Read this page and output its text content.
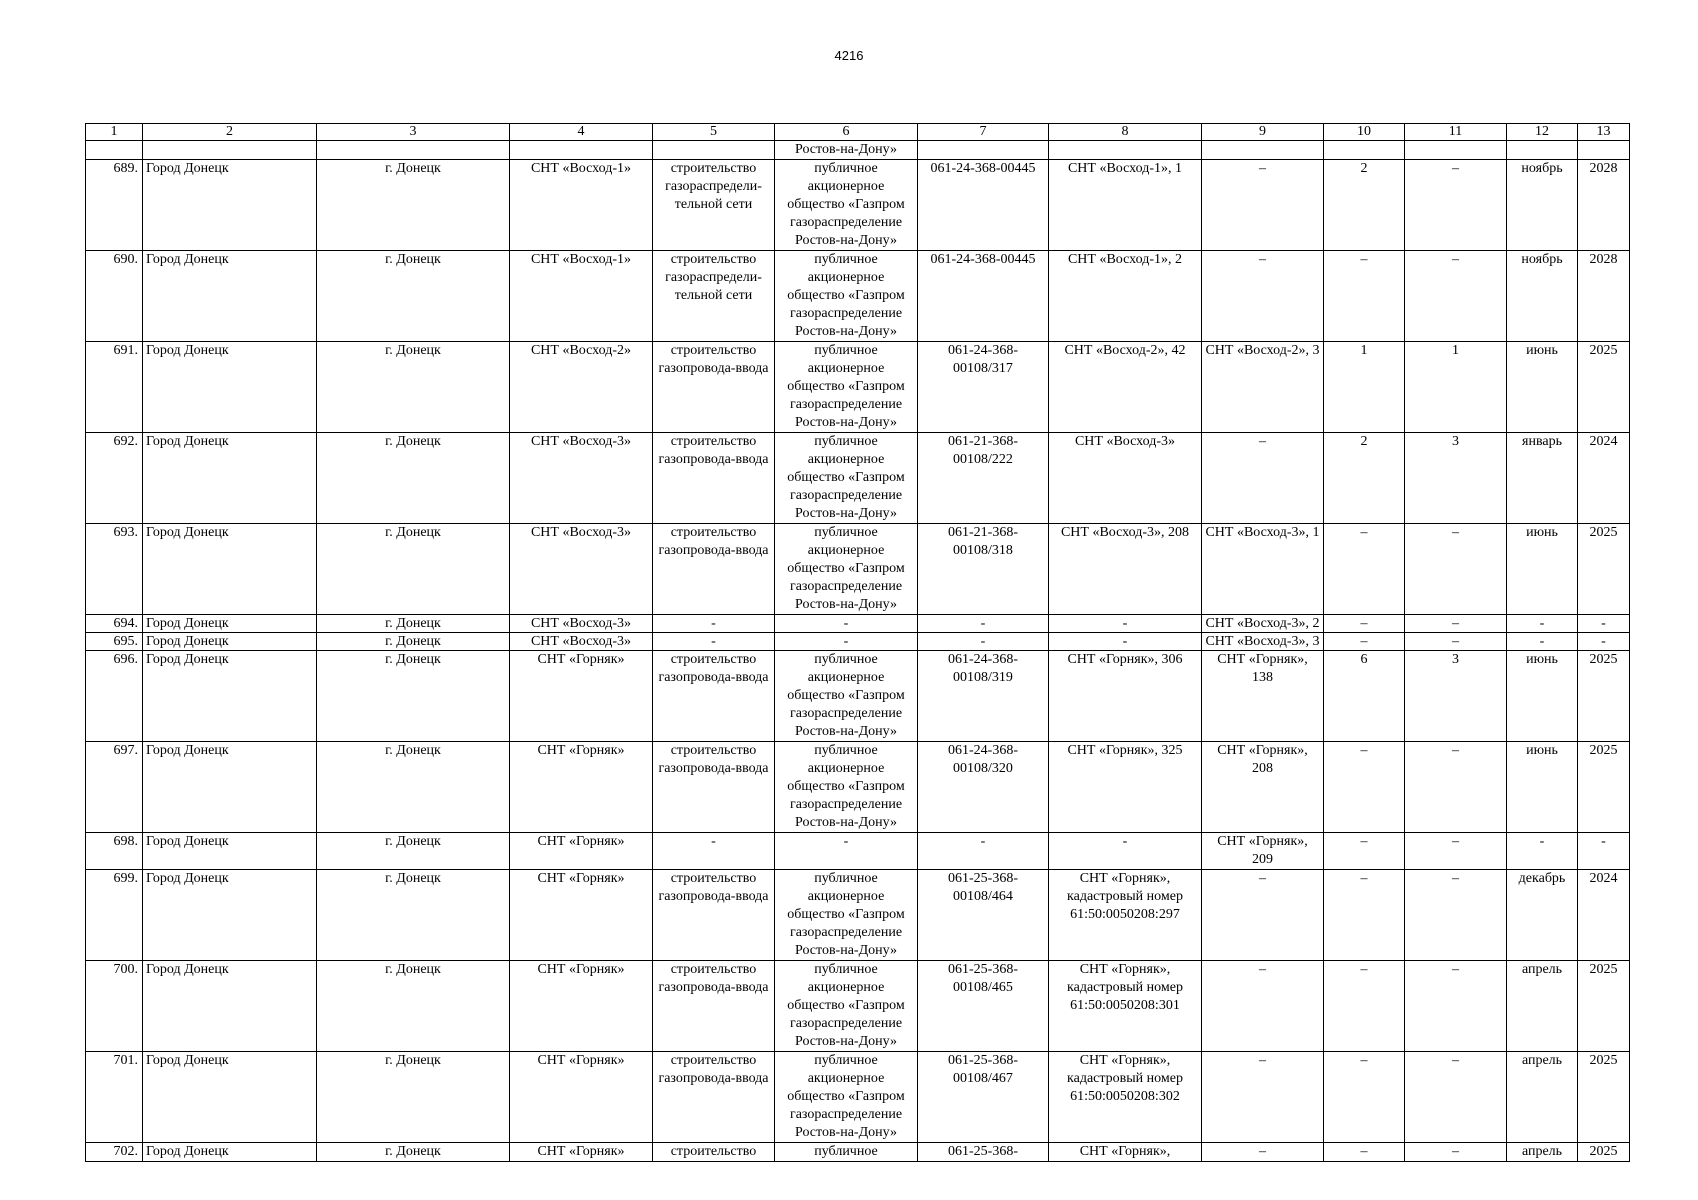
4216
1	2	3	4	5	6	7	8	9	10	11	12	13
					Ростов-на-Дону»							
689.	Город Донецк	г. Донецк	СНТ «Восход-1»	строительство газораспредели-тельной сети	публичное акционерное общество «Газпром газораспределение Ростов-на-Дону»	061-24-368-00445	СНТ «Восход-1», 1	–	2	–	ноябрь	2028
690.	Город Донецк	г. Донецк	СНТ «Восход-1»	строительство газораспредели-тельной сети	публичное акционерное общество «Газпром газораспределение Ростов-на-Дону»	061-24-368-00445	СНТ «Восход-1», 2	–	–	–	ноябрь	2028
691.	Город Донецк	г. Донецк	СНТ «Восход-2»	строительство газопровода-ввода	публичное акционерное общество «Газпром газораспределение Ростов-на-Дону»	061-24-368-00108/317	СНТ «Восход-2», 42	СНТ «Восход-2», 3	1	1	июнь	2025
692.	Город Донецк	г. Донецк	СНТ «Восход-3»	строительство газопровода-ввода	публичное акционерное общество «Газпром газораспределение Ростов-на-Дону»	061-21-368-00108/222	СНТ «Восход-3»	–	2	3	январь	2024
693.	Город Донецк	г. Донецк	СНТ «Восход-3»	строительство газопровода-ввода	публичное акционерное общество «Газпром газораспределение Ростов-на-Дону»	061-21-368-00108/318	СНТ «Восход-3», 208	СНТ «Восход-3», 1	–	–	июнь	2025
694.	Город Донецк	г. Донецк	СНТ «Восход-3»	-	-	-	-	СНТ «Восход-3», 2	–	–	-	-
695.	Город Донецк	г. Донецк	СНТ «Восход-3»	-	-	-	-	СНТ «Восход-3», 3	–	–	-	-
696.	Город Донецк	г. Донецк	СНТ «Горняк»	строительство газопровода-ввода	публичное акционерное общество «Газпром газораспределение Ростов-на-Дону»	061-24-368-00108/319	СНТ «Горняк», 306	СНТ «Горняк», 138	6	3	июнь	2025
697.	Город Донецк	г. Донецк	СНТ «Горняк»	строительство газопровода-ввода	публичное акционерное общество «Газпром газораспределение Ростов-на-Дону»	061-24-368-00108/320	СНТ «Горняк», 325	СНТ «Горняк», 208	–	–	июнь	2025
698.	Город Донецк	г. Донецк	СНТ «Горняк»	-	-	-	-	СНТ «Горняк», 209	–	–	-	-
699.	Город Донецк	г. Донецк	СНТ «Горняк»	строительство газопровода-ввода	публичное акционерное общество «Газпром газораспределение Ростов-на-Дону»	061-25-368-00108/464	СНТ «Горняк», кадастровый номер 61:50:0050208:297	–	–	–	декабрь	2024
700.	Город Донецк	г. Донецк	СНТ «Горняк»	строительство газопровода-ввода	публичное акционерное общество «Газпром газораспределение Ростов-на-Дону»	061-25-368-00108/465	СНТ «Горняк», кадастровый номер 61:50:0050208:301	–	–	–	апрель	2025
701.	Город Донецк	г. Донецк	СНТ «Горняк»	строительство газопровода-ввода	публичное акционерное общество «Газпром газораспределение Ростов-на-Дону»	061-25-368-00108/467	СНТ «Горняк», кадастровый номер 61:50:0050208:302	–	–	–	апрель	2025
702.	Город Донецк	г. Донецк	СНТ «Горняк»	строительство	публичное	061-25-368-	СНТ «Горняк»,	–	–	–	апрель	2025
